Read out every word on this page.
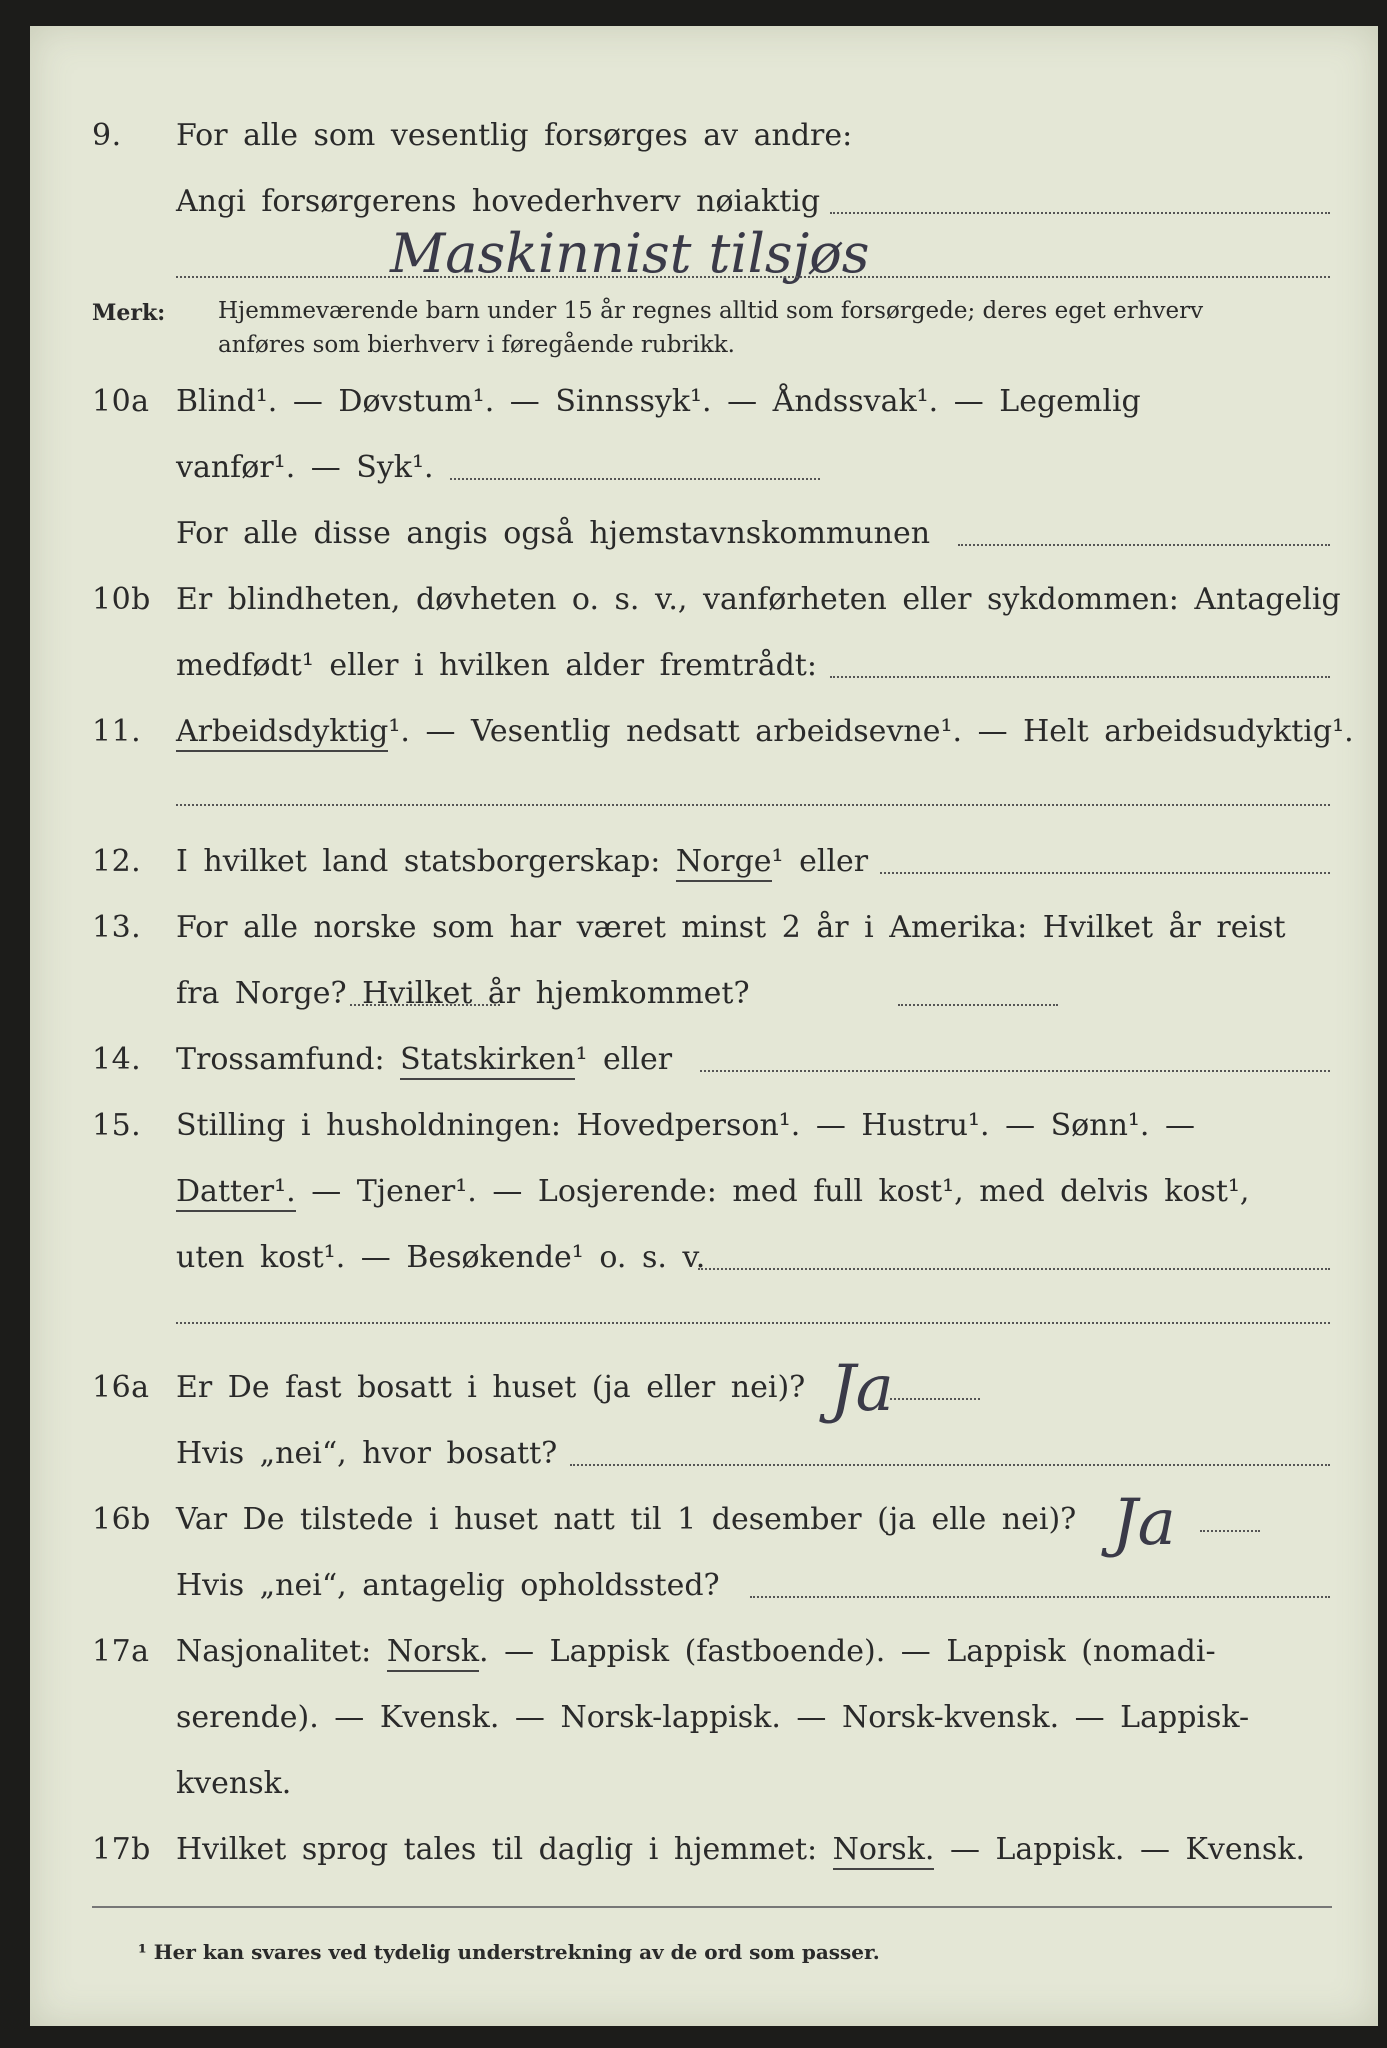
9. For alle som vesentlig forsørges av andre:
Angi forsørgerens hovederhverv nøiaktig
Maskinnist tilsjøs
Merk: Hjemmeværende barn under 15 år regnes alltid som forsørgede; deres eget erhverv
anføres som bierhverv i føregående rubrikk.
10a Blind¹. — Døvstum¹. — Sinnssyk¹. — Åndssvak¹. — Legemlig
vanfør¹. — Syk¹.
For alle disse angis også hjemstavnskommunen
10b Er blindheten, døvheten o. s. v., vanførheten eller sykdommen: Antagelig
medfødt¹ eller i hvilken alder fremtrådt:
11. Arbeidsdyktig¹. — Vesentlig nedsatt arbeidsevne¹. — Helt arbeidsudyktig¹.
12. I hvilket land statsborgerskap: Norge¹ eller
13. For alle norske som har været minst 2 år i Amerika: Hvilket år reist
fra Norge? Hvilket år hjemkommet?
14. Trossamfund: Statskirken¹ eller
15. Stilling i husholdningen: Hovedperson¹. — Hustru¹. — Sønn¹. —
Datter¹. — Tjener¹. — Losjerende: med full kost¹, med delvis kost¹,
uten kost¹. — Besøkende¹ o. s. v.
16a Er De fast bosatt i huset (ja eller nei)? Ja
Hvis „nei“, hvor bosatt?
16b Var De tilstede i huset natt til 1 desember (ja elle nei)? Ja
Hvis „nei“, antagelig opholdssted?
17a Nasjonalitet: Norsk. — Lappisk (fastboende). — Lappisk (nomadi-
serende). — Kvensk. — Norsk-lappisk. — Norsk-kvensk. — Lappisk-
kvensk.
17b Hvilket sprog tales til daglig i hjemmet: Norsk. — Lappisk. — Kvensk.
¹ Her kan svares ved tydelig understrekning av de ord som passer.
